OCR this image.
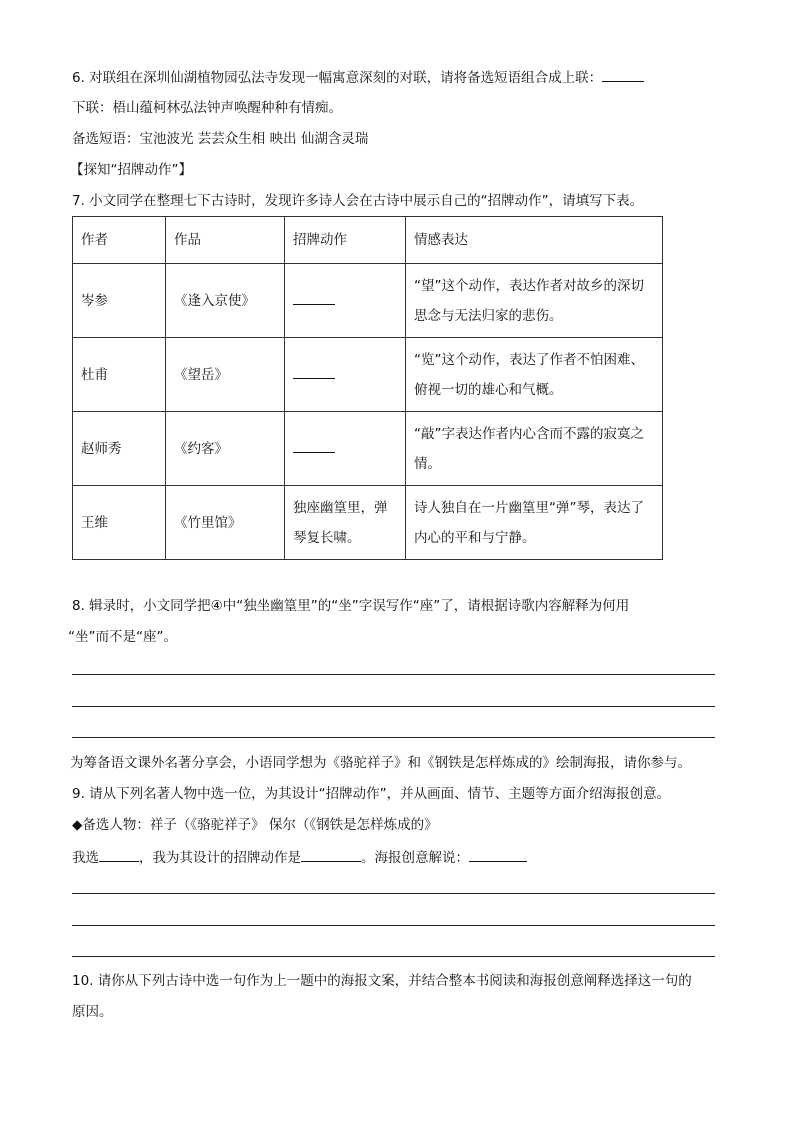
6. 对联组在深圳仙湖植物园弘法寺发现一幅寓意深刻的对联，请将备选短语组合成上联：
下联：梧山蕴柯林弘法钟声唤醒种种有情痴。
备选短语：宝池波光 芸芸众生相 映出 仙湖含灵瑞
【探知“招牌动作”】
7. 小文同学在整理七下古诗时，发现许多诗人会在古诗中展示自己的“招牌动作”，请填写下表。
作者	作品	招牌动作	情感表达
岑参	《逢入京使》		“望”这个动作，表达作者对故乡的深切思念与无法归家的悲伤。
杜甫	《望岳》		“览”这个动作，表达了作者不怕困难、俯视一切的雄心和气概。
赵师秀	《约客》		“敲”字表达作者内心含而不露的寂寞之情。
王维	《竹里馆》	独座幽篁里，弹琴复长啸。	诗人独自在一片幽篁里“弹”琴，表达了内心的平和与宁静。
8. 辑录时，小文同学把④中“独坐幽篁里”的“坐”字误写作“座”了，请根据诗歌内容解释为何用
“坐”而不是“座”。
为筹备语文课外名著分享会，小语同学想为《骆驼祥子》和《钢铁是怎样炼成的》绘制海报，请你参与。
9. 请从下列名著人物中选一位，为其设计“招牌动作”，并从画面、情节、主题等方面介绍海报创意。
◆备选人物：祥子（《骆驼祥子》 保尔（《钢铁是怎样炼成的》
我选	，我为其设计的招牌动作是	。海报创意解说：
10. 请你从下列古诗中选一句作为上一题中的海报文案，并结合整本书阅读和海报创意阐释选择这一句的
原因。
